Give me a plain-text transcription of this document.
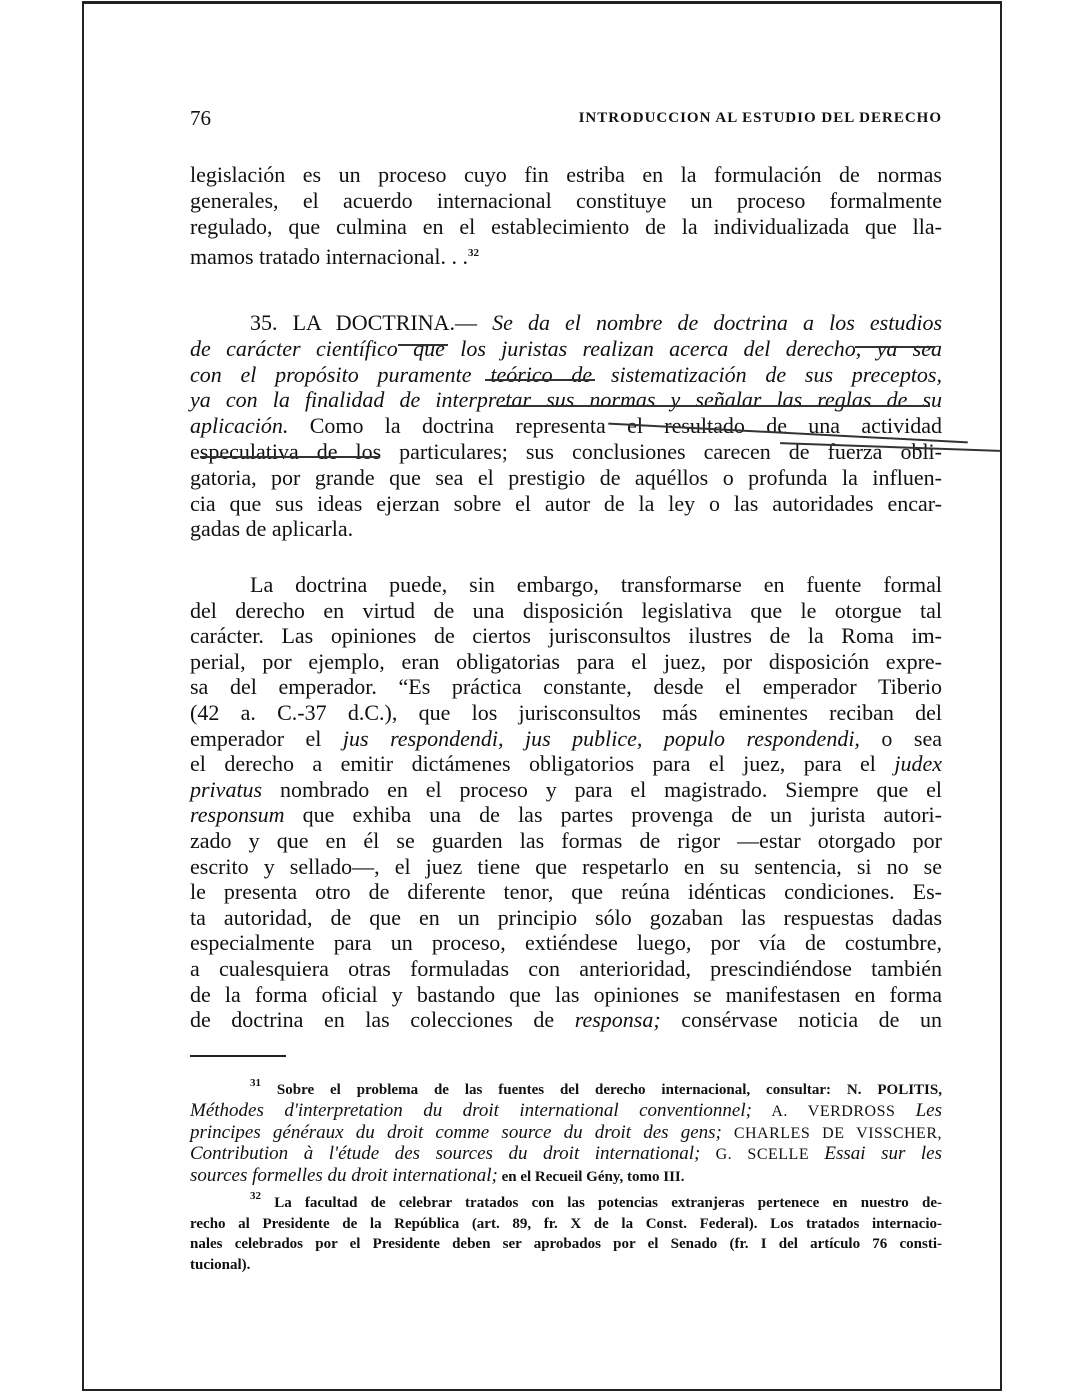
76	INTRODUCCION AL ESTUDIO DEL DERECHO
legislación es un proceso cuyo fin estriba en la formulación de normas
generales, el acuerdo internacional constituye un proceso formalmente
regulado, que culmina en el establecimiento de la individualizada que lla-
mamos tratado internacional. . .$^{32}$
35. LA DOCTRINA.— Se da el nombre de doctrina a los estudios
de carácter científico que los juristas realizan acerca del derecho, ya sea
con el propósito puramente teórico de sistematización de sus preceptos,
ya con la finalidad de interpretar sus normas y señalar las reglas de su
aplicación. Como la doctrina representa el resultado de una actividad
especulativa de los particulares; sus conclusiones carecen de fuerza obli-
gatoria, por grande que sea el prestigio de aquéllos o profunda la influen-
cia que sus ideas ejerzan sobre el autor de la ley o las autoridades encar-
gadas de aplicarla.
La doctrina puede, sin embargo, transformarse en fuente formal
del derecho en virtud de una disposición legislativa que le otorgue tal
carácter. Las opiniones de ciertos jurisconsultos ilustres de la Roma im-
perial, por ejemplo, eran obligatorias para el juez, por disposición expre-
sa del emperador. “Es práctica constante, desde el emperador Tiberio
(42 a. C.-37 d.C.), que los jurisconsultos más eminentes reciban del
emperador el jus respondendi, jus publice, populo respondendi, o sea
el derecho a emitir dictámenes obligatorios para el juez, para el judex
privatus nombrado en el proceso y para el magistrado. Siempre que el
responsum que exhiba una de las partes provenga de un jurista autori-
zado y que en él se guarden las formas de rigor —estar otorgado por
escrito y sellado—, el juez tiene que respetarlo en su sentencia, si no se
le presenta otro de diferente tenor, que reúna idénticas condiciones. Es-
ta autoridad, de que en un principio sólo gozaban las respuestas dadas
especialmente para un proceso, extiéndese luego, por vía de costumbre,
a cualesquiera otras formuladas con anterioridad, prescindiéndose también
de la forma oficial y bastando que las opiniones se manifestasen en forma
de doctrina en las colecciones de responsa; consérvase noticia de un
$^{31}$ Sobre el problema de las fuentes del derecho internacional, consultar: N. POLITIS,
Méthodes d'interpretation du droit international conventionnel; A. VERDROSS Les
principes généraux du droit comme source du droit des gens; CHARLES DE VISSCHER,
Contribution à l'étude des sources du droit international; G. SCELLE Essai sur les
sources formelles du droit international; en el Recueil Gény, tomo III.
$^{32}$ La facultad de celebrar tratados con las potencias extranjeras pertenece en nuestro de-
recho al Presidente de la República (art. 89, fr. X de la Const. Federal). Los tratados internacio-
nales celebrados por el Presidente deben ser aprobados por el Senado (fr. I del artículo 76 consti-
tucional).
